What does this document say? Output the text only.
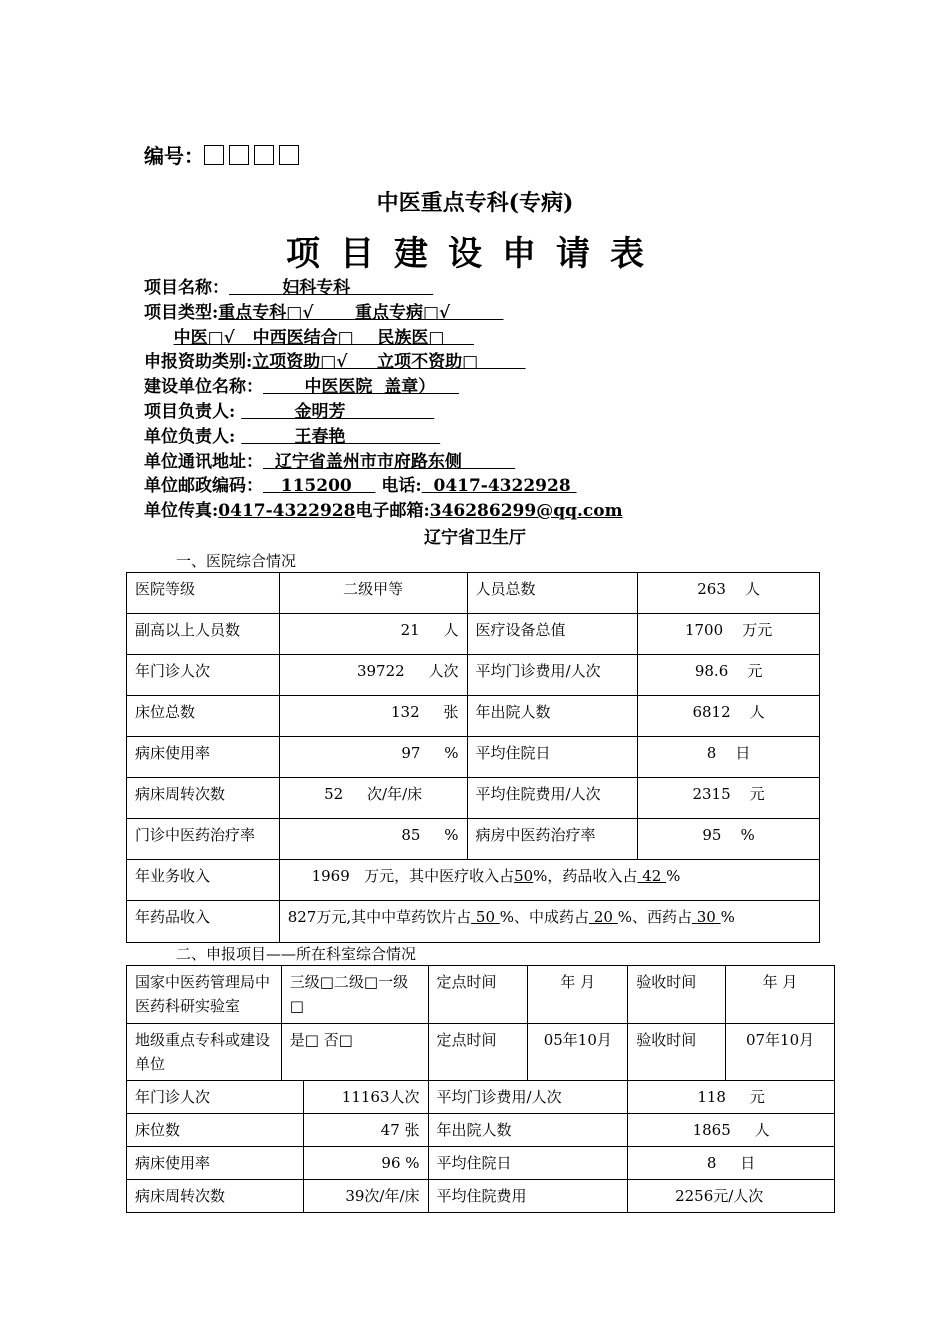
编号：
中医重点专科(专病)
项目建设申请表
项目名称：	妇科专科
项目类型:重点专科□√       重点专病□√
中医□√   中西医结合□    民族医□
申报资助类别:立项资助□√     立项不资助□
建设单位名称： 中医医院  盖章）
项目负责人:	金明芳
单位负责人:	王春艳
单位通讯地址： 辽宁省盖州市市府路东侧
单位邮政编码： 115200 电话: 0417-4322928
单位传真:0417-4322928电子邮箱:346286299@qq.com
辽宁省卫生厅
一、医院综合情况
医院等级	二级甲等	人员总数	263 人
副高以上人员数	21 人	医疗设备总值	1700 万元
年门诊人次	39722 人次	平均门诊费用/人次	98.6 元
床位总数	132 张	年出院人数	6812 人
病床使用率	97 %	平均住院日	8 日
病床周转次数	52 次/年/床	平均住院费用/人次	2315 元
门诊中医药治疗率	85 %	病房中医药治疗率	95 %
年业务收入	1969 万元，其中医疗收入占50%，药品收入占 42 %		
年药品收入	827万元,其中中草药饮片占 50 %、中成药占 20 %、西药占 30 %		
二、申报项目——所在科室综合情况
国家中医药管理局中医药科研实验室	三级□二级□一级□		定点时间	年 月	验收时间	年 月
地级重点专科或建设单位	是□ 否□		定点时间	05年10月	验收时间	07年10月
年门诊人次		11163人次	平均门诊费用/人次		118 元	
床位数		47 张	年出院人数		1865 人	
病床使用率		96 %	平均住院日		8 日	
病床周转次数		39次/年/床	平均住院费用		2256元/人次	
